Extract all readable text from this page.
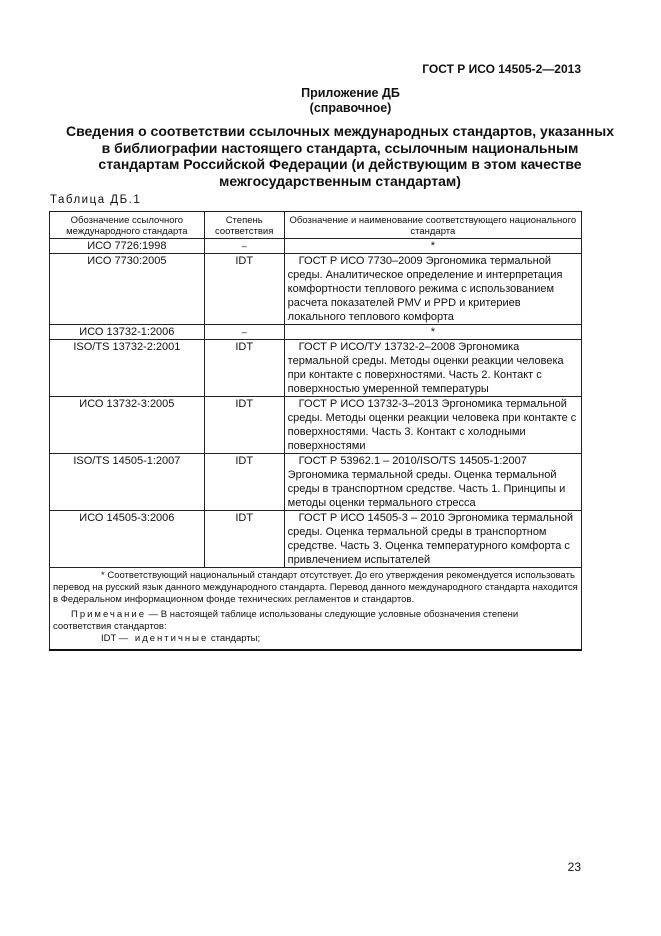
ГОСТ Р ИСО 14505-2—2013
Приложение ДБ
(справочное)
Сведения о соответствии ссылочных международных стандартов, указанных в библиографии настоящего стандарта, ссылочным национальным стандартам Российской Федерации (и действующим в этом качестве межгосударственным стандартам)
Таблица ДБ.1
Обозначение ссылочного международного стандарта	Степень соответствия	Обозначение и наименование соответствующего национального стандарта
ИСО 7726:1998	–	*
ИСО 7730:2005	IDT	ГОСТ Р ИСО 7730–2009 Эргономика термальной среды. Аналитическое определение и интерпретация комфортности теплового режима с использованием расчета показателей PMV и PPD и критериев локального теплового комфорта
ИСО 13732-1:2006	–	*
ISO/TS 13732-2:2001	IDT	ГОСТ Р ИСО/ТУ 13732-2–2008 Эргономика термальной среды. Методы оценки реакции человека при контакте с поверхностями. Часть 2. Контакт с поверхностью умеренной температуры
ИСО 13732-3:2005	IDT	ГОСТ Р ИСО 13732-3–2013 Эргономика термальной среды. Методы оценки реакции человека при контакте с поверхностями. Часть 3. Контакт с холодными поверхностями
ISO/TS 14505-1:2007	IDT	ГОСТ Р 53962.1 – 2010/ISO/TS 14505-1:2007 Эргономика термальной среды. Оценка термальной среды в транспортном средстве. Часть 1. Принципы и методы оценки термального стресса
ИСО 14505-3:2006	IDT	ГОСТ Р ИСО 14505-3 – 2010 Эргономика термальной среды. Оценка термальной среды в транспортном средстве. Часть 3. Оценка температурного комфорта с привлечением испытателей

* Соответствующий национальный стандарт отсутствует. До его утверждения рекомендуется использовать перевод на русский язык данного международного стандарта. Перевод данного международного стандарта находится в Федеральном информационном фонде технических регламентов и стандартов.

Примечание — В настоящей таблице использованы следующие условные обозначения степени соответствия стандартов:

IDT — идентичные стандарты;		

23
